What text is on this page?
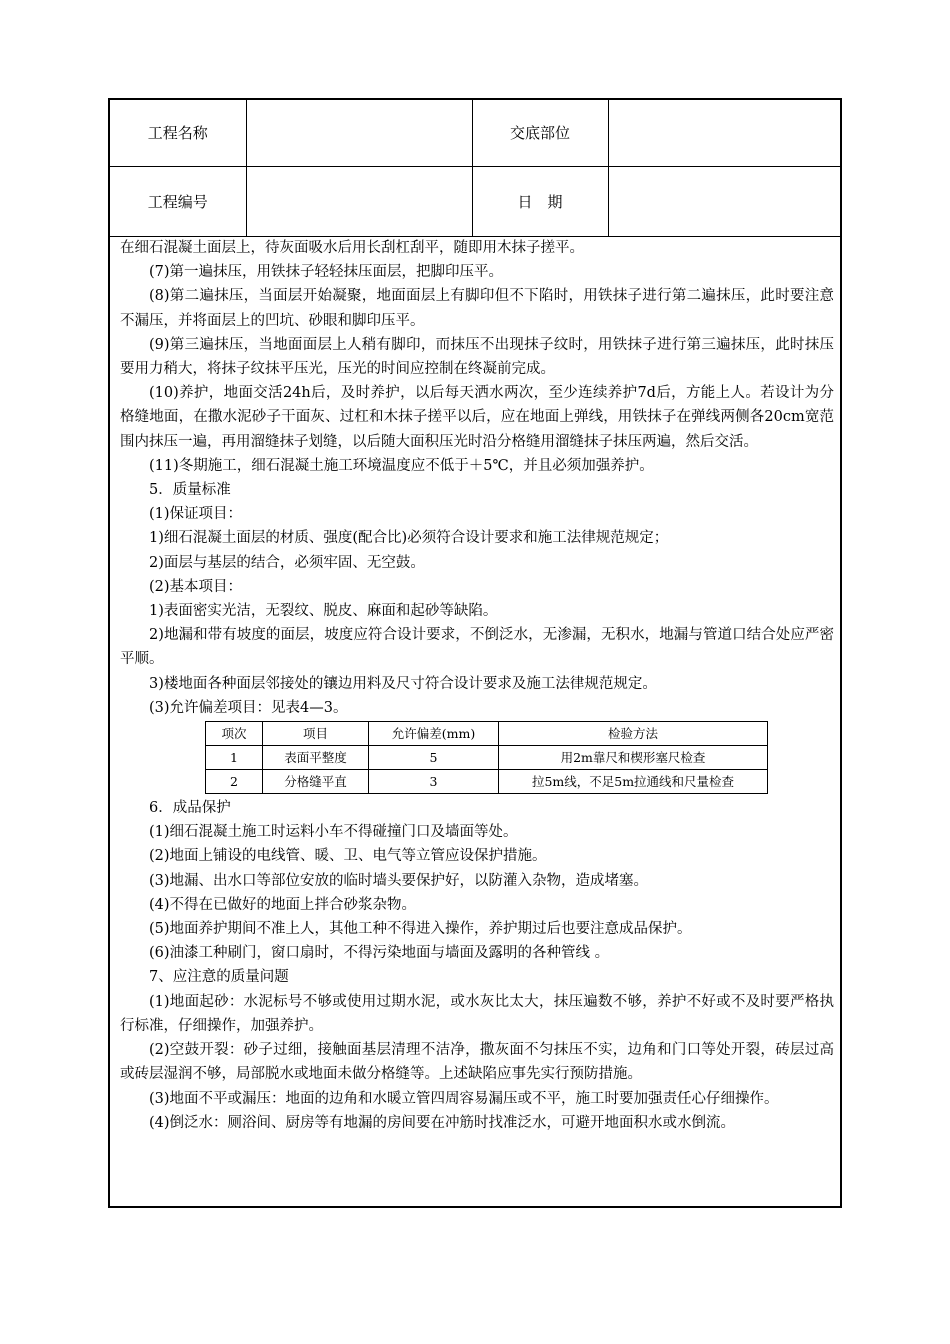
工程名称		交底部位	
工程编号		日　期	

在细石混凝土面层上，待灰面吸水后用长刮杠刮平，随即用木抹子搓平。

(7)第一遍抹压，用铁抹子轻轻抹压面层，把脚印压平。

(8)第二遍抹压，当面层开始凝聚，地面面层上有脚印但不下陷时，用铁抹子进行第二遍抹压，此时要注意不漏压，并将面层上的凹坑、砂眼和脚印压平。

(9)第三遍抹压，当地面面层上人稍有脚印，而抹压不出现抹子纹时，用铁抹子进行第三遍抹压，此时抹压要用力稍大，将抹子纹抹平压光，压光的时间应控制在终凝前完成。

(10)养护，地面交活24h后，及时养护，以后每天洒水两次，至少连续养护7d后，方能上人。若设计为分格缝地面，在撒水泥砂子干面灰、过杠和木抹子搓平以后，应在地面上弹线，用铁抹子在弹线两侧各20cm宽范围内抹压一遍，再用溜缝抹子划缝，以后随大面积压光时沿分格缝用溜缝抹子抹压两遍，然后交活。

(11)冬期施工，细石混凝土施工环境温度应不低于＋5℃，并且必须加强养护。

5．质量标准

(1)保证项目：

1)细石混凝土面层的材质、强度(配合比)必须符合设计要求和施工法律规范规定；

2)面层与基层的结合，必须牢固、无空鼓。

(2)基本项目：

1)表面密实光洁，无裂纹、脱皮、麻面和起砂等缺陷。

2)地漏和带有坡度的面层，坡度应符合设计要求，不倒泛水，无渗漏，无积水，地漏与管道口结合处应严密平顺。

3)楼地面各种面层邻接处的镶边用料及尺寸符合设计要求及施工法律规范规定。

(3)允许偏差项目：见表4—3。

项次	项目	允许偏差(mm)	检验方法
1	表面平整度	5	用2m靠尺和楔形塞尺检查
2	分格缝平直	3	拉5m线，不足5m拉通线和尺量检查

6．成品保护

(1)细石混凝土施工时运料小车不得碰撞门口及墙面等处。

(2)地面上铺设的电线管、暖、卫、电气等立管应设保护措施。

(3)地漏、出水口等部位安放的临时墙头要保护好，以防灌入杂物，造成堵塞。

(4)不得在已做好的地面上拌合砂浆杂物。

(5)地面养护期间不准上人，其他工种不得进入操作，养护期过后也要注意成品保护。

(6)油漆工种刷门，窗口扇时，不得污染地面与墙面及露明的各种管线 。

7、应注意的质量问题

(1)地面起砂：水泥标号不够或使用过期水泥，或水灰比太大，抹压遍数不够，养护不好或不及时要严格执行标准，仔细操作，加强养护。

(2)空鼓开裂：砂子过细，接触面基层清理不洁净，撒灰面不匀抹压不实，边角和门口等处开裂，砖层过高或砖层湿润不够，局部脱水或地面未做分格缝等。上述缺陷应事先实行预防措施。

(3)地面不平或漏压：地面的边角和水暖立管四周容易漏压或不平，施工时要加强责任心仔细操作。

(4)倒泛水：厕浴间、厨房等有地漏的房间要在冲筋时找准泛水，可避开地面积水或水倒流。
